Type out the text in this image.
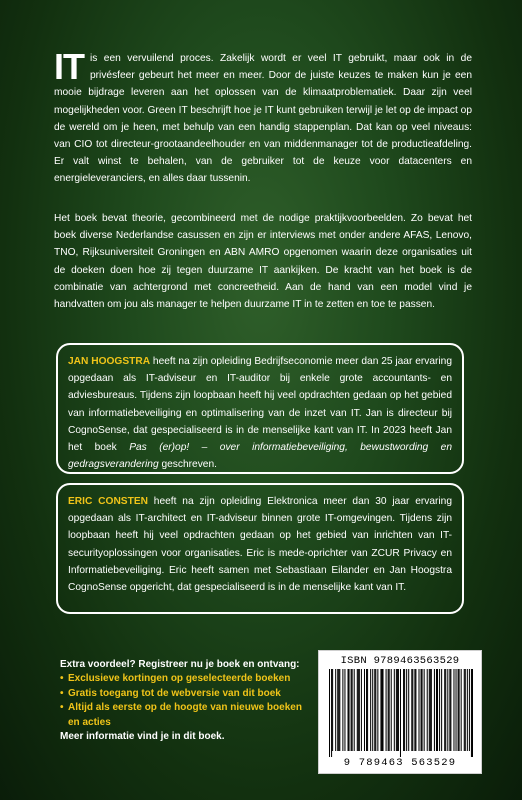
IT is een vervuilend proces. Zakelijk wordt er veel IT gebruikt, maar ook in de privésfeer gebeurt het meer en meer. Door de juiste keuzes te maken kun je een mooie bijdrage leveren aan het oplossen van de klimaatproblematiek. Daar zijn veel mogelijkheden voor. Green IT beschrijft hoe je IT kunt gebruiken terwijl je let op de impact op de wereld om je heen, met behulp van een handig stappenplan. Dat kan op veel niveaus: van CIO tot directeur-grootaandeelhouder en van middenmanager tot de productieafdeling. Er valt winst te behalen, van de gebruiker tot de keuze voor datacenters en energieleveranciers, en alles daar tussenin.
Het boek bevat theorie, gecombineerd met de nodige praktijkvoorbeelden. Zo bevat het boek diverse Nederlandse casussen en zijn er interviews met onder andere AFAS, Lenovo, TNO, Rijksuniversiteit Groningen en ABN AMRO opgenomen waarin deze organisaties uit de doeken doen hoe zij tegen duurzame IT aankijken. De kracht van het boek is de combinatie van achtergrond met concreetheid. Aan de hand van een model vind je handvatten om jou als manager te helpen duurzame IT in te zetten en toe te passen.
JAN HOOGSTRA heeft na zijn opleiding Bedrijfseconomie meer dan 25 jaar ervaring opgedaan als IT-adviseur en IT-auditor bij enkele grote accountants- en adviesbureaus. Tijdens zijn loopbaan heeft hij veel opdrachten gedaan op het gebied van informatiebeveiliging en optimalisering van de inzet van IT. Jan is directeur bij CognoSense, dat gespecialiseerd is in de menselijke kant van IT. In 2023 heeft Jan het boek Pas (er)op! – over informatiebeveiliging, bewustwording en gedragsverandering geschreven.
ERIC CONSTEN heeft na zijn opleiding Elektronica meer dan 30 jaar ervaring opgedaan als IT-architect en IT-adviseur binnen grote IT-omgevingen. Tijdens zijn loopbaan heeft hij veel opdrachten gedaan op het gebied van inrichten van IT-securityoplossingen voor organisaties. Eric is mede-oprichter van ZCUR Privacy en Informatiebeveiliging. Eric heeft samen met Sebastiaan Eilander en Jan Hoogstra CognoSense opgericht, dat gespecialiseerd is in de menselijke kant van IT.
Extra voordeel? Registreer nu je boek en ontvang:
• Exclusieve kortingen op geselecteerde boeken
• Gratis toegang tot de webversie van dit boek
• Altijd als eerste op de hoogte van nieuwe boeken en acties
Meer informatie vind je in dit boek.
ISBN 9789463563529
9 789463 563529
